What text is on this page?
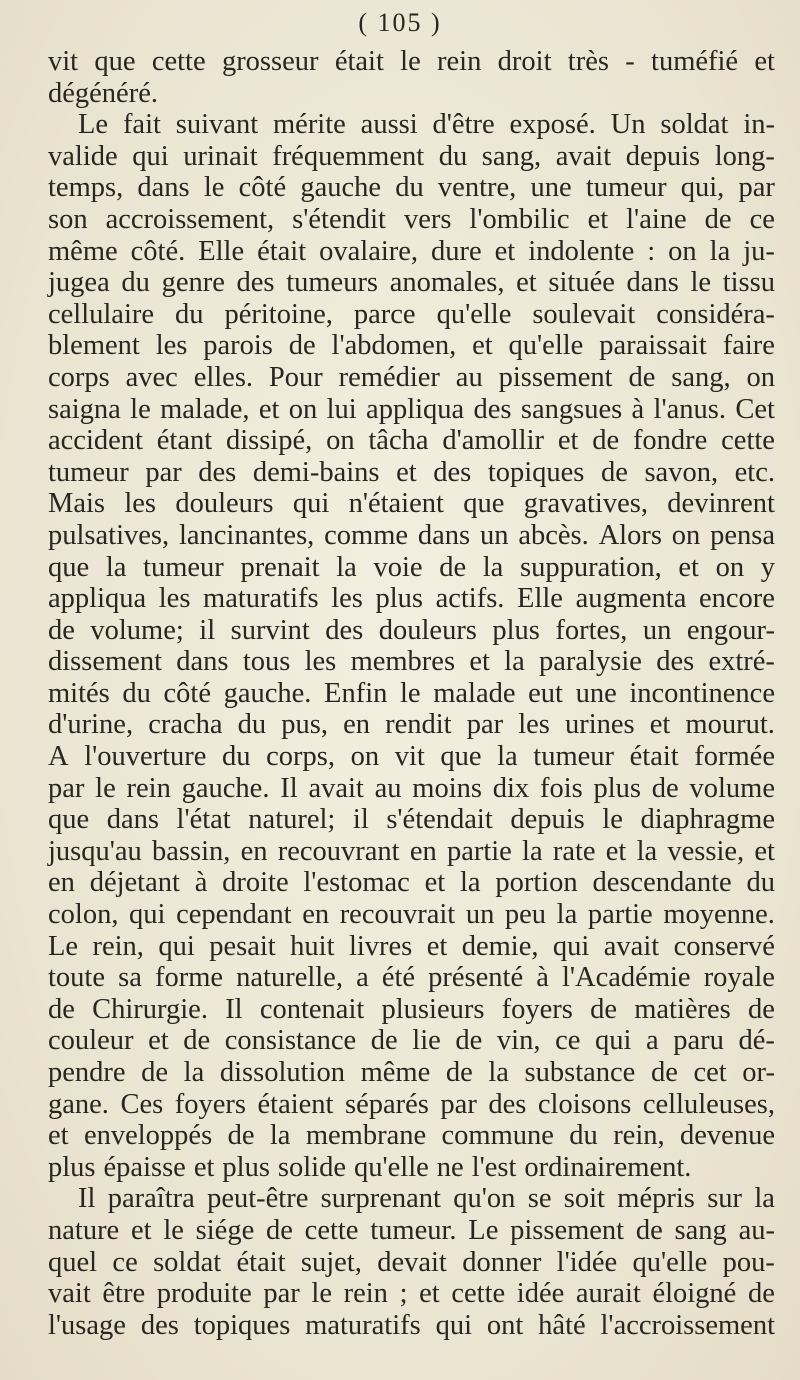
( 105 )
vit que cette grosseur était le rein droit très - tuméfié et
dégénéré.
Le fait suivant mérite aussi d'être exposé. Un soldat in-
valide qui urinait fréquemment du sang, avait depuis long-
temps, dans le côté gauche du ventre, une tumeur qui, par
son accroissement, s'étendit vers l'ombilic et l'aine de ce
même côté. Elle était ovalaire, dure et indolente : on la ju-
jugea du genre des tumeurs anomales, et située dans le tissu
cellulaire du péritoine, parce qu'elle soulevait considéra-
blement les parois de l'abdomen, et qu'elle paraissait faire
corps avec elles. Pour remédier au pissement de sang, on
saigna le malade, et on lui appliqua des sangsues à l'anus. Cet
accident étant dissipé, on tâcha d'amollir et de fondre cette
tumeur par des demi-bains et des topiques de savon, etc.
Mais les douleurs qui n'étaient que gravatives, devinrent
pulsatives, lancinantes, comme dans un abcès. Alors on pensa
que la tumeur prenait la voie de la suppuration, et on y
appliqua les maturatifs les plus actifs. Elle augmenta encore
de volume; il survint des douleurs plus fortes, un engour-
dissement dans tous les membres et la paralysie des extré-
mités du côté gauche. Enfin le malade eut une incontinence
d'urine, cracha du pus, en rendit par les urines et mourut.
A l'ouverture du corps, on vit que la tumeur était formée
par le rein gauche. Il avait au moins dix fois plus de volume
que dans l'état naturel; il s'étendait depuis le diaphragme
jusqu'au bassin, en recouvrant en partie la rate et la vessie, et
en déjetant à droite l'estomac et la portion descendante du
colon, qui cependant en recouvrait un peu la partie moyenne.
Le rein, qui pesait huit livres et demie, qui avait conservé
toute sa forme naturelle, a été présenté à l'Académie royale
de Chirurgie. Il contenait plusieurs foyers de matières de
couleur et de consistance de lie de vin, ce qui a paru dé-
pendre de la dissolution même de la substance de cet or-
gane. Ces foyers étaient séparés par des cloisons celluleuses,
et enveloppés de la membrane commune du rein, devenue
plus épaisse et plus solide qu'elle ne l'est ordinairement.
Il paraîtra peut-être surprenant qu'on se soit mépris sur la
nature et le siége de cette tumeur. Le pissement de sang au-
quel ce soldat était sujet, devait donner l'idée qu'elle pou-
vait être produite par le rein ; et cette idée aurait éloigné de
l'usage des topiques maturatifs qui ont hâté l'accroissement
